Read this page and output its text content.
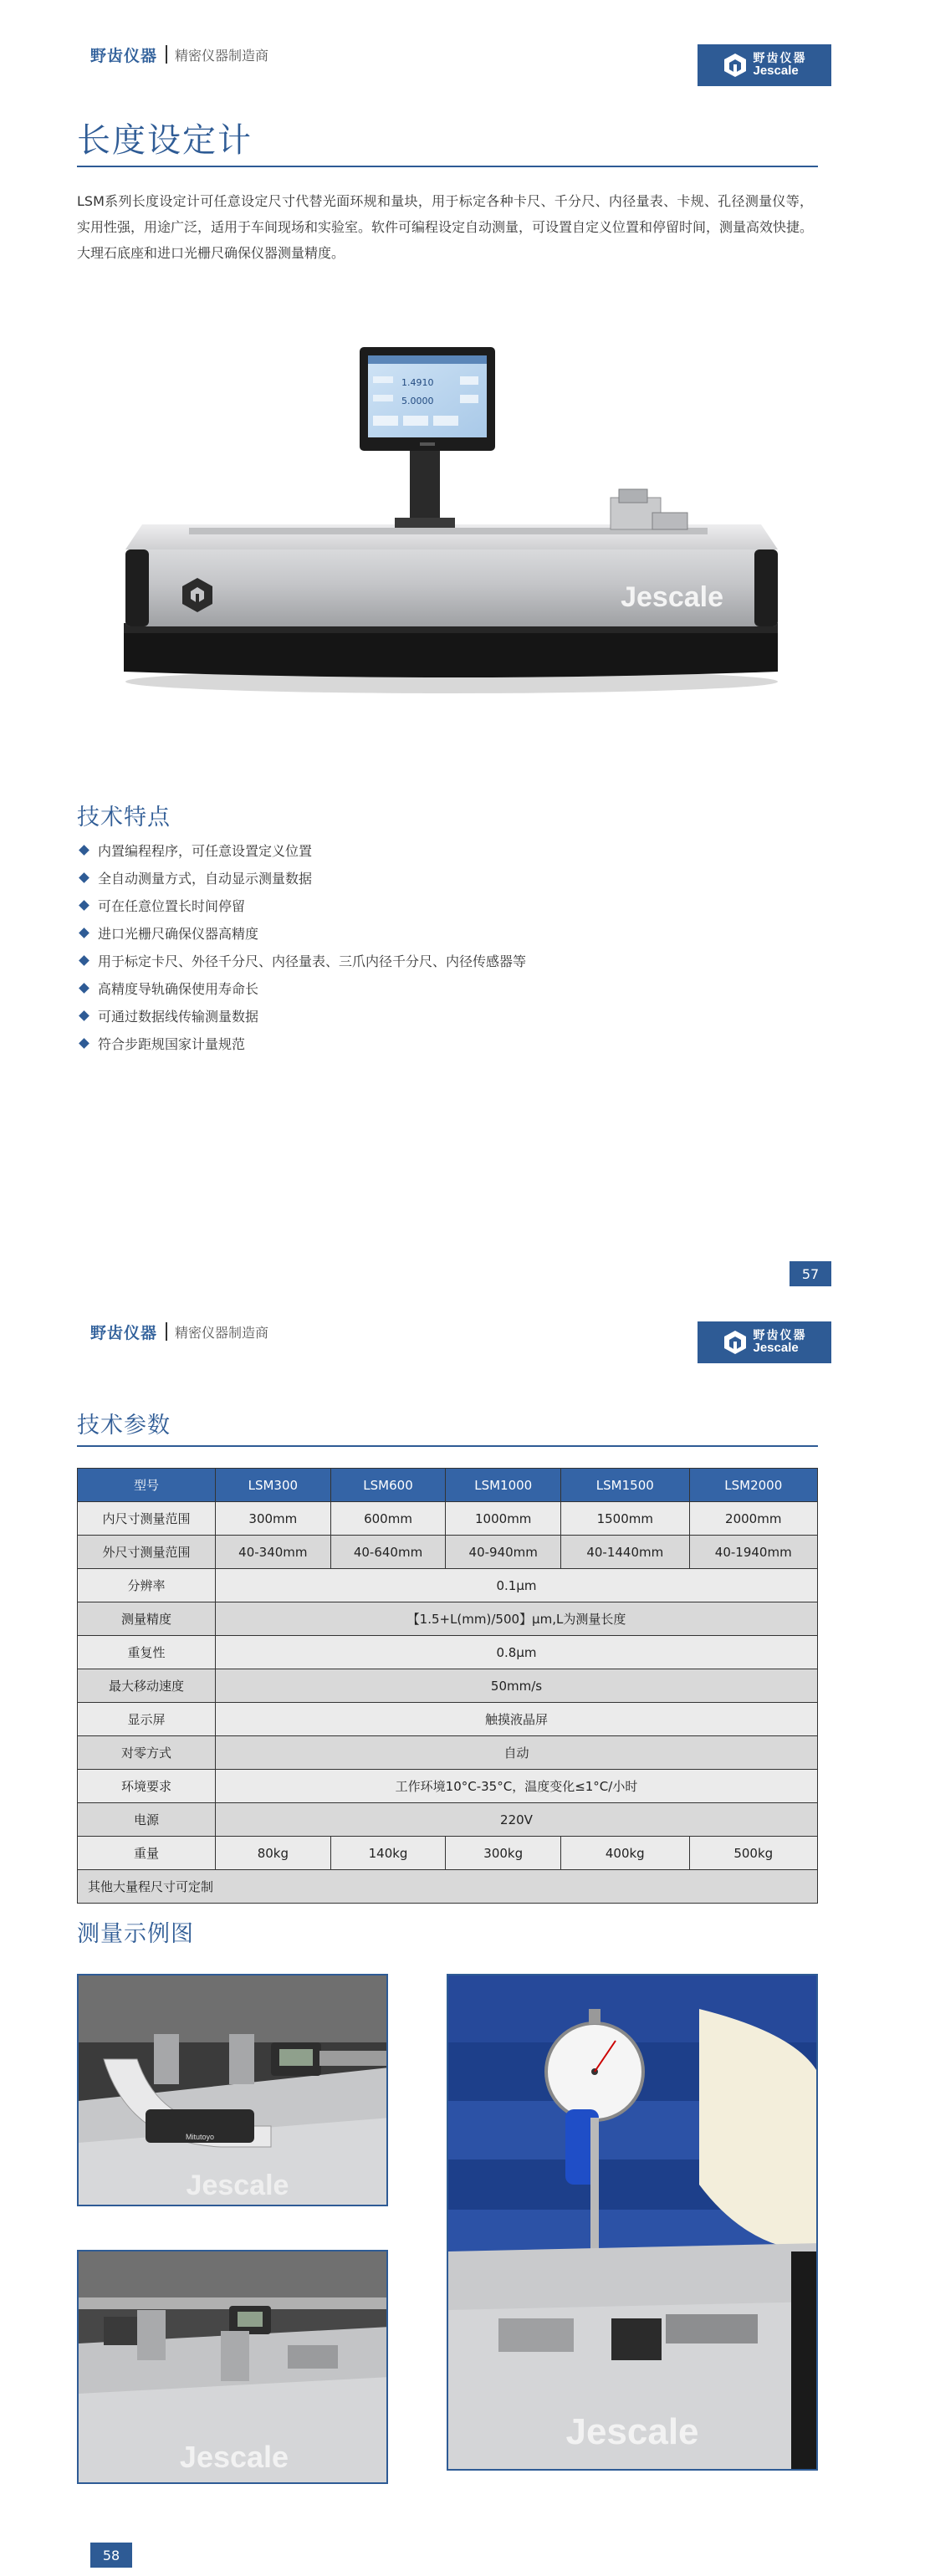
野齿仪器 精密仪器制造商	野齿仪器
Jescale
长度设定计

LSM系列长度设定计可任意设定尺寸代替光面环规和量块，用于标定各种卡尺、千分尺、内径量表、卡规、孔径测量仪等，实用性强，用途广泛，适用于车间现场和实验室。软件可编程设定自动测量，可设置自定义位置和停留时间，测量高效快捷。大理石底座和进口光栅尺确保仪器测量精度。

Jescale
1.4910
5.0000
技术特点
内置编程程序，可任意设置定义位置
全自动测量方式，自动显示测量数据
可在任意位置长时间停留
进口光栅尺确保仪器高精度
用于标定卡尺、外径千分尺、内径量表、三爪内径千分尺、内径传感器等
高精度导轨确保使用寿命长
可通过数据线传输测量数据
符合步距规国家计量规范
57
野齿仪器 精密仪器制造商	野齿仪器
Jescale
技术参数
型号	LSM300	LSM600	LSM1000	LSM1500	LSM2000
内尺寸测量范围	300mm	600mm	1000mm	1500mm	2000mm
外尺寸测量范围	40-340mm	40-640mm	40-940mm	40-1440mm	40-1940mm
分辨率	0.1μm				
测量精度	【1.5+L(mm)/500】μm,L为测量长度				
重复性	0.8μm				
最大移动速度	50mm/s				
显示屏	触摸液晶屏				
对零方式	自动				
环境要求	工作环境10°C-35°C，温度变化≤1°C/小时				
电源	220V				
重量	80kg	140kg	300kg	400kg	500kg
其他大量程尺寸可定制					
测量示例图
Mitutoyo
Jescale
Jescale
Jescale
58
